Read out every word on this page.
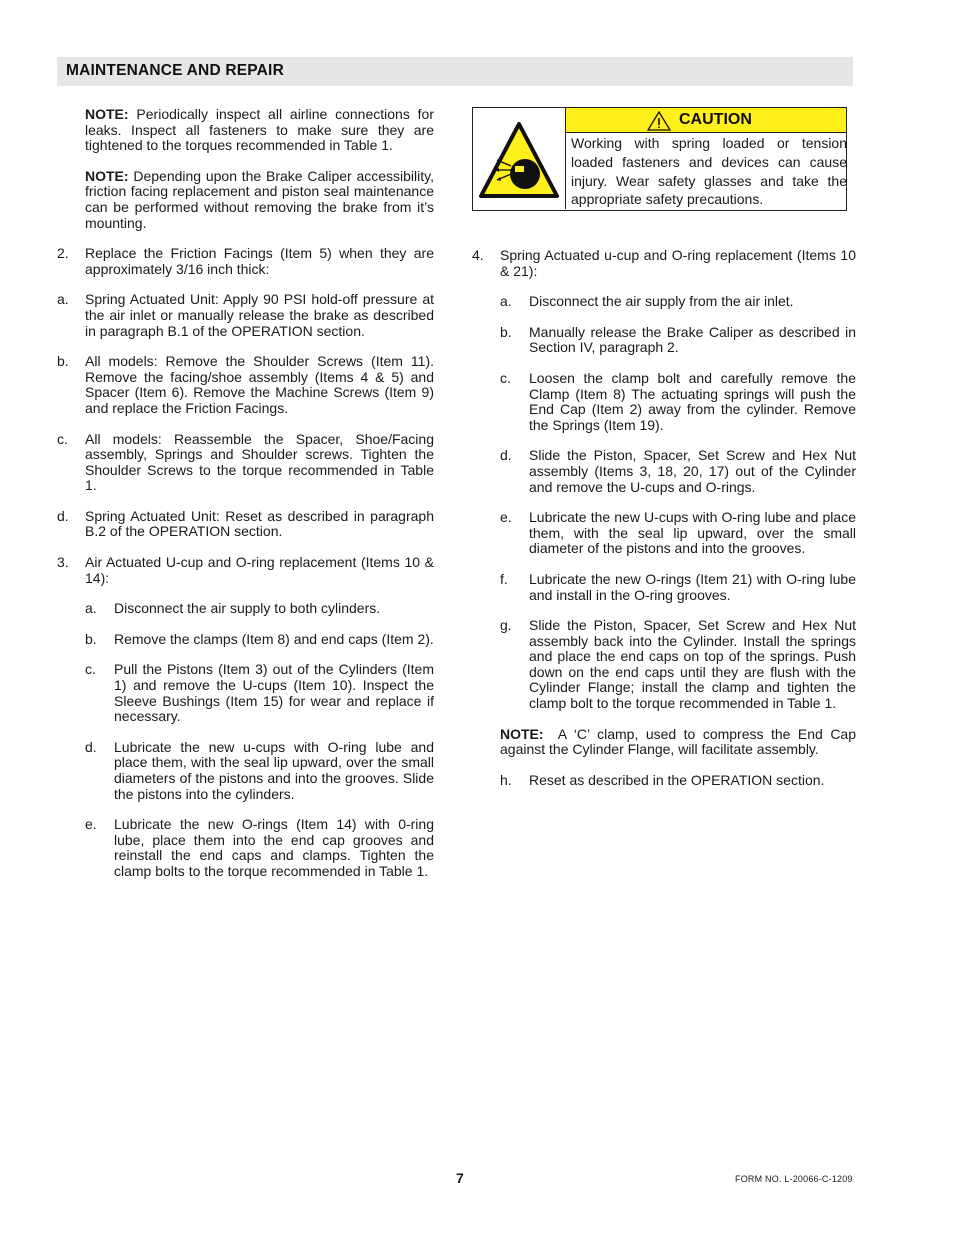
MAINTENANCE AND REPAIR
NOTE: Periodically inspect all airline connections for leaks. Inspect all fasteners to make sure they are tightened to the torques recommended in Table 1.
NOTE: Depending upon the Brake Caliper accessibility, friction facing replacement and piston seal maintenance can be performed without removing the brake from it’s mounting.
2. Replace the Friction Facings (Item 5) when they are approximately 3/16 inch thick:
a. Spring Actuated Unit: Apply 90 PSI hold-off pressure at the air inlet or manually release the brake as described in paragraph B.1 of the OPERATION section.
b. All models: Remove the Shoulder Screws (Item 11). Remove the facing/shoe assembly (Items 4 & 5) and Spacer (Item 6). Remove the Machine Screws (Item 9) and replace the Friction Facings.
c. All models: Reassemble the Spacer, Shoe/Facing assembly, Springs and Shoulder screws. Tighten the Shoulder Screws to the torque recommended in Table 1.
d. Spring Actuated Unit: Reset as described in paragraph B.2 of the OPERATION section.
3. Air Actuated U-cup and O-ring replacement (Items 10 & 14):
a. Disconnect the air supply to both cylinders.
b. Remove the clamps (Item 8) and end caps (Item 2).
c. Pull the Pistons (Item 3) out of the Cylinders (Item 1) and remove the U-cups (Item 10). Inspect the Sleeve Bushings (Item 15) for wear and replace if necessary.
d. Lubricate the new u-cups with O-ring lube and place them, with the seal lip upward, over the small diameters of the pistons and into the grooves. Slide the pistons into the cylinders.
e. Lubricate the new O-rings (Item 14) with 0-ring lube, place them into the end cap grooves and reinstall the end caps and clamps. Tighten the clamp bolts to the torque recommended in Table 1.
CAUTION
Working with spring loaded or tension loaded fasteners and devices can cause injury. Wear safety glasses and take the appropriate safety precautions.
4. Spring Actuated u-cup and O-ring replacement (Items 10 & 21):
a. Disconnect the air supply from the air inlet.
b. Manually release the Brake Caliper as described in Section IV, paragraph 2.
c. Loosen the clamp bolt and carefully remove the Clamp (Item 8) The actuating springs will push the End Cap (Item 2) away from the cylinder. Remove the Springs (Item 19).
d. Slide the Piston, Spacer, Set Screw and Hex Nut assembly (Items 3, 18, 20, 17) out of the Cylinder and remove the U-cups and O-rings.
e. Lubricate the new U-cups with O-ring lube and place them, with the seal lip upward, over the small diameter of the pistons and into the grooves.
f. Lubricate the new O-rings (Item 21) with O-ring lube and install in the O-ring grooves.
g. Slide the Piston, Spacer, Set Screw and Hex Nut assembly back into the Cylinder. Install the springs and place the end caps on top of the springs. Push down on the end caps until they are flush with the Cylinder Flange; install the clamp and tighten the clamp bolt to the torque recommended in Table 1.
NOTE: A ‘C’ clamp, used to compress the End Cap against the Cylinder Flange, will facilitate assembly.
h. Reset as described in the OPERATION section.
7	FORM NO. L-20066-C-1209
